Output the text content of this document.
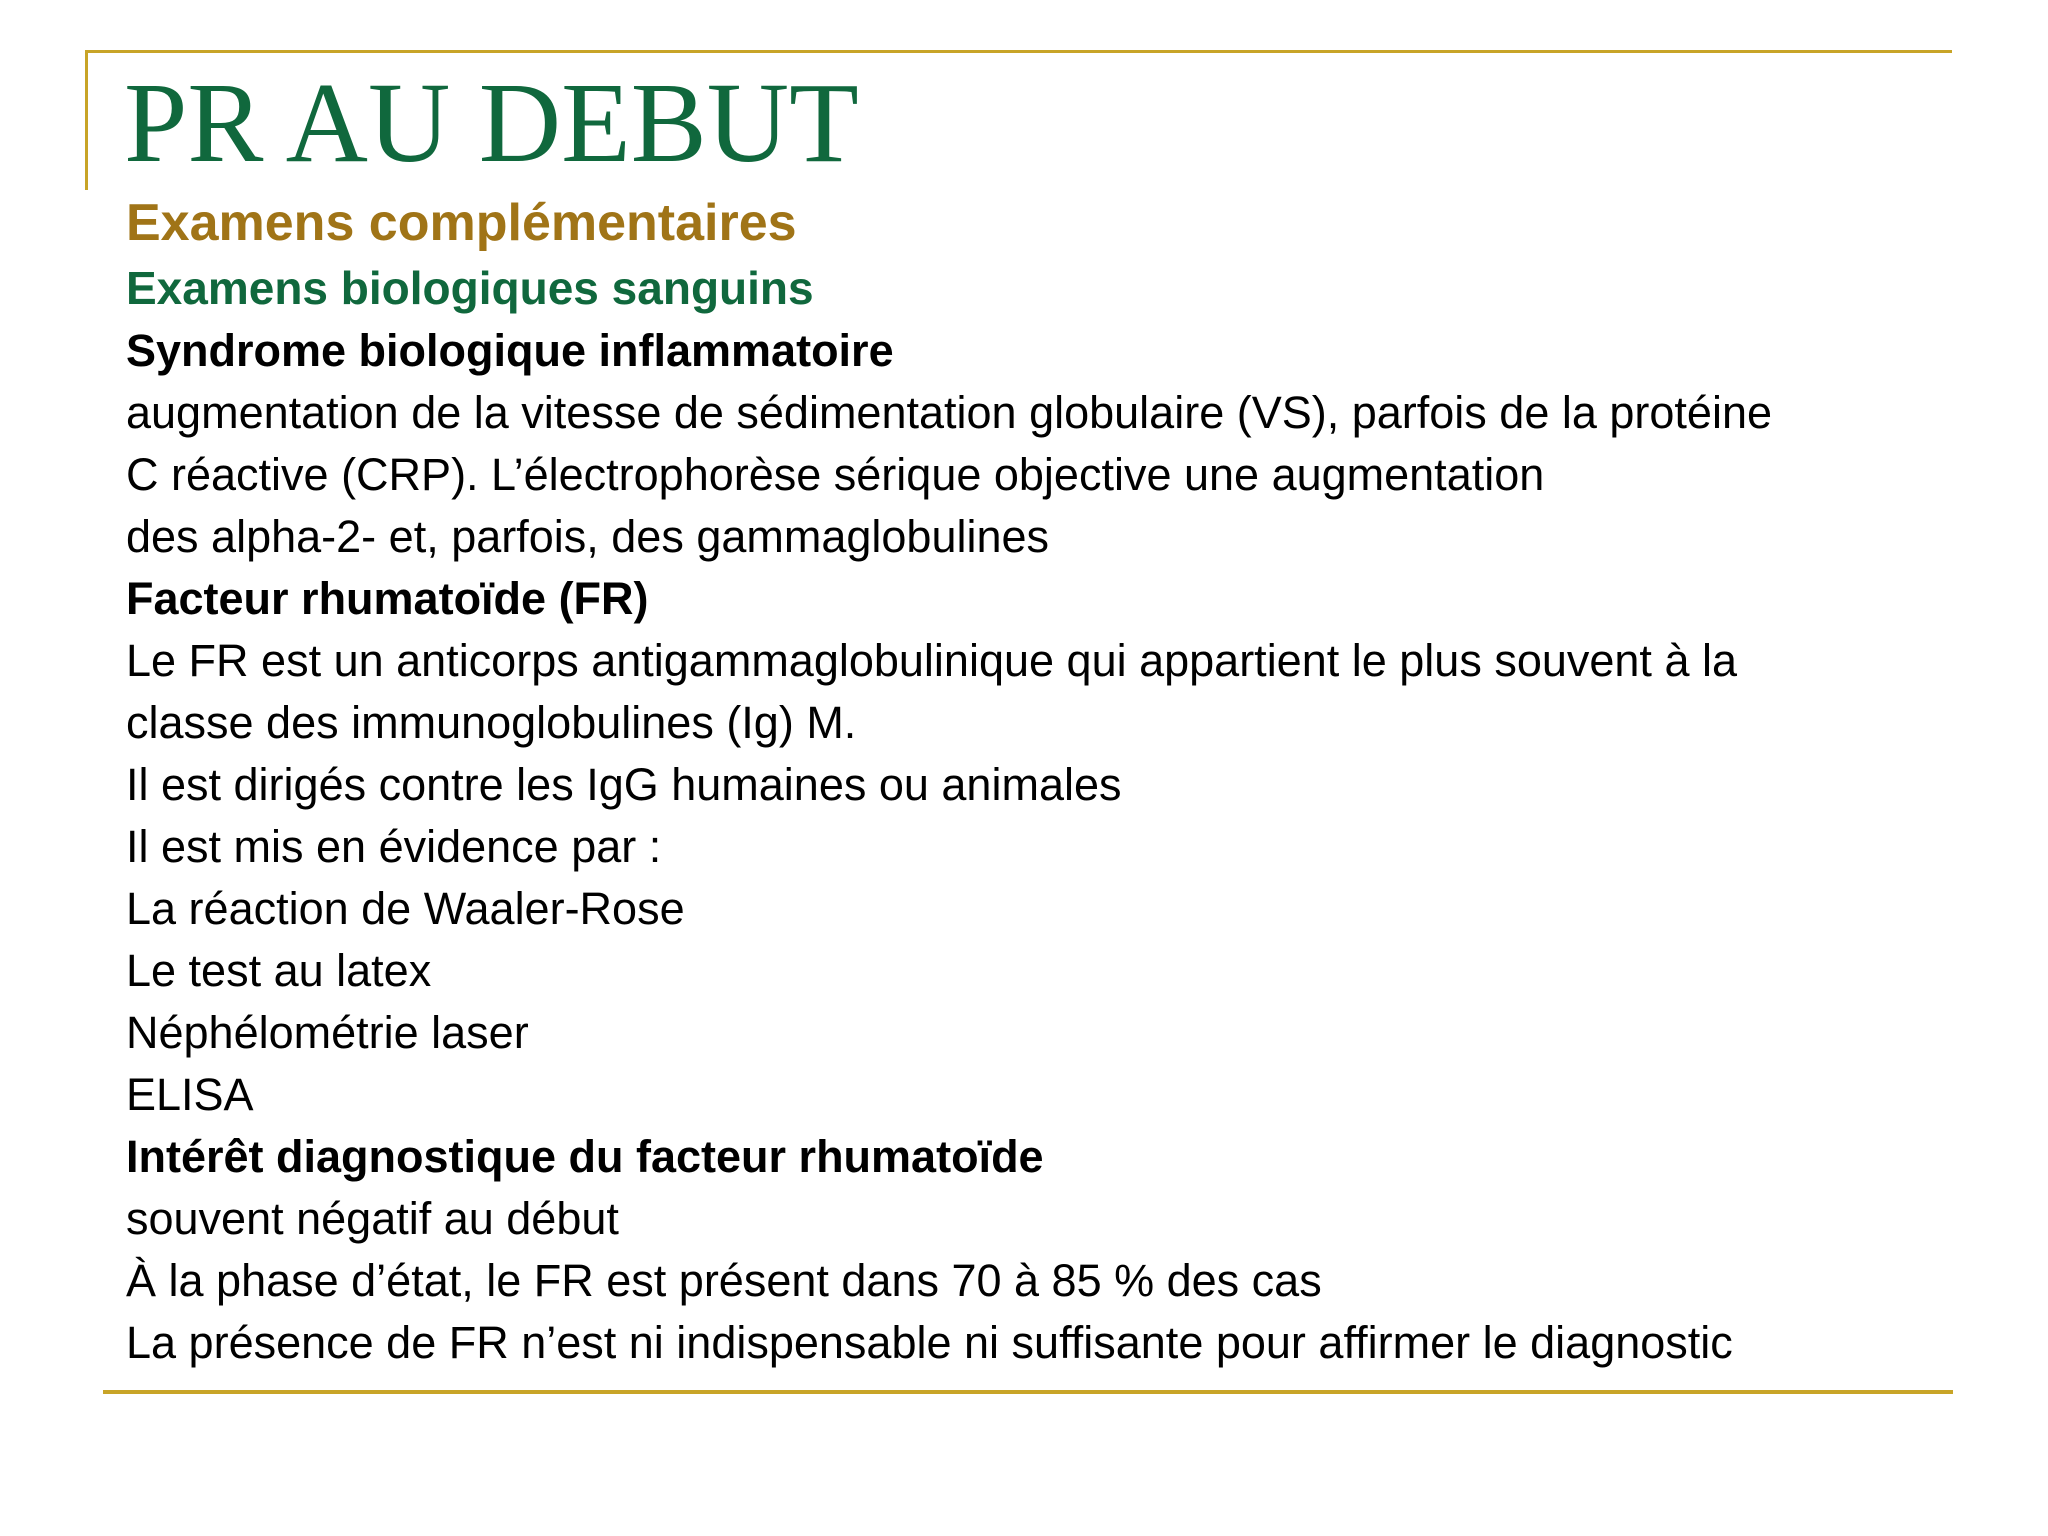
PR AU DEBUT
Examens complémentaires
Examens biologiques sanguins
Syndrome biologique inflammatoire
augmentation de la vitesse de sédimentation globulaire (VS), parfois de la protéine
C réactive (CRP). L’électrophorèse sérique objective une augmentation
des alpha-2- et, parfois, des gammaglobulines
Facteur rhumatoïde (FR)
Le FR est un anticorps antigammaglobulinique qui appartient le plus souvent à la
classe des immunoglobulines (Ig) M.
Il est dirigés contre les IgG humaines ou animales
Il est mis en évidence par :
La réaction de Waaler-Rose
Le test au latex
Néphélométrie laser
ELISA
Intérêt diagnostique du facteur rhumatoïde
souvent négatif au début
À la phase d’état, le FR est présent dans 70 à 85 % des cas
La présence de FR n’est ni indispensable ni suffisante pour affirmer le diagnostic
